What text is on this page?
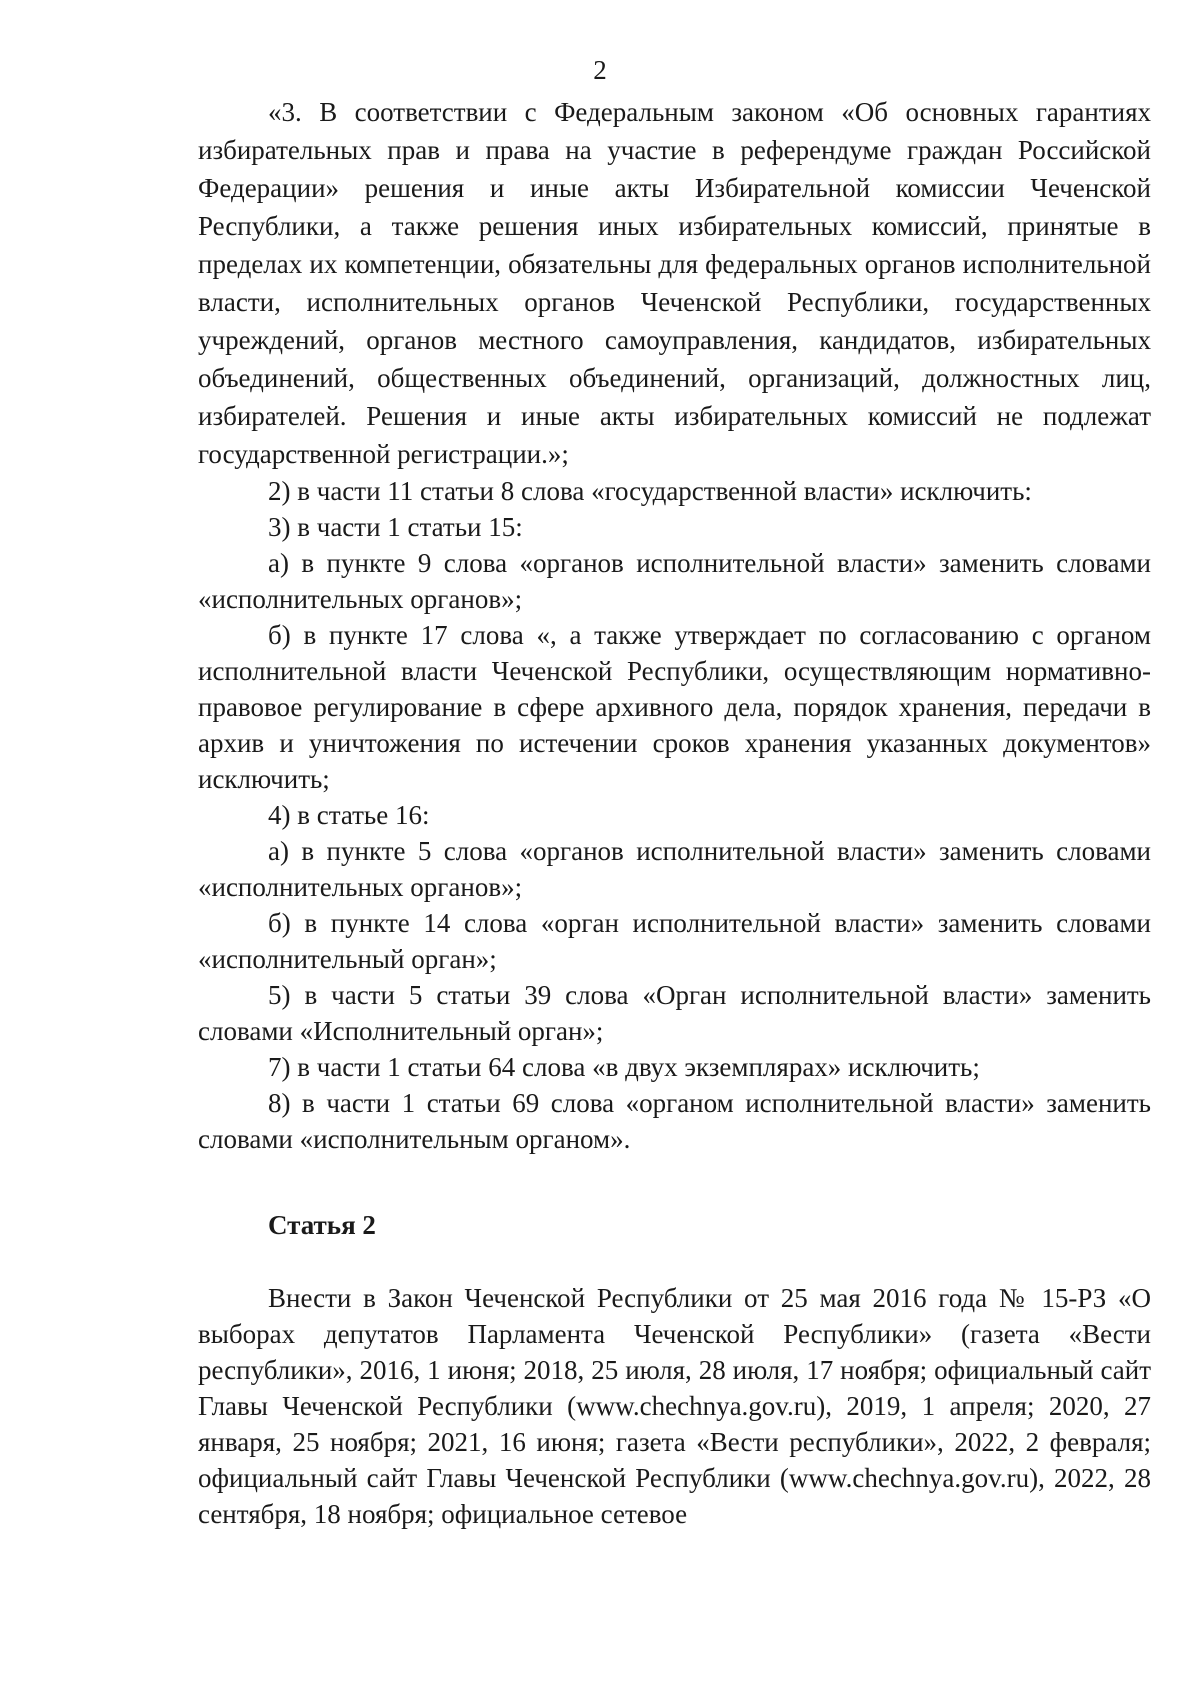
2

«3. В соответствии с Федеральным законом «Об основных гарантиях избирательных прав и права на участие в референдуме граждан Российской Федерации» решения и иные акты Избирательной комиссии Чеченской Республики, а также решения иных избирательных комиссий, принятые в пределах их компетенции, обязательны для федеральных органов исполнительной власти, исполнительных органов Чеченской Республики, государственных учреждений, органов местного самоуправления, кандидатов, избирательных объединений, общественных объединений, организаций, должностных лиц, избирателей. Решения и иные акты избирательных комиссий не подлежат государственной регистрации.»;

2) в части 11 статьи 8 слова «государственной власти» исключить:

3) в части 1 статьи 15:

а) в пункте 9 слова «органов исполнительной власти» заменить словами «исполнительных органов»;

б) в пункте 17 слова «, а также утверждает по согласованию с органом исполнительной власти Чеченской Республики, осуществляющим нормативно-правовое регулирование в сфере архивного дела, порядок хранения, передачи в архив и уничтожения по истечении сроков хранения указанных документов» исключить;

4) в статье 16:

а) в пункте 5 слова «органов исполнительной власти» заменить словами «исполнительных органов»;

б) в пункте 14 слова «орган исполнительной власти» заменить словами «исполнительный орган»;

5) в части 5 статьи 39 слова «Орган исполнительной власти» заменить словами «Исполнительный орган»;

7) в части 1 статьи 64 слова «в двух экземплярах» исключить;

8) в части 1 статьи 69 слова «органом исполнительной власти» заменить словами «исполнительным органом».

Статья 2

Внести в Закон Чеченской Республики от 25 мая 2016 года № 15-РЗ «О выборах депутатов Парламента Чеченской Республики» (газета «Вести республики», 2016, 1 июня; 2018, 25 июля, 28 июля, 17 ноября; официальный сайт Главы Чеченской Республики (www.chechnya.gov.ru), 2019, 1 апреля; 2020, 27 января, 25 ноября; 2021, 16 июня; газета «Вести республики», 2022, 2 февраля; официальный сайт Главы Чеченской Республики (www.chechnya.gov.ru), 2022, 28 сентября, 18 ноября; официальное сетевое
